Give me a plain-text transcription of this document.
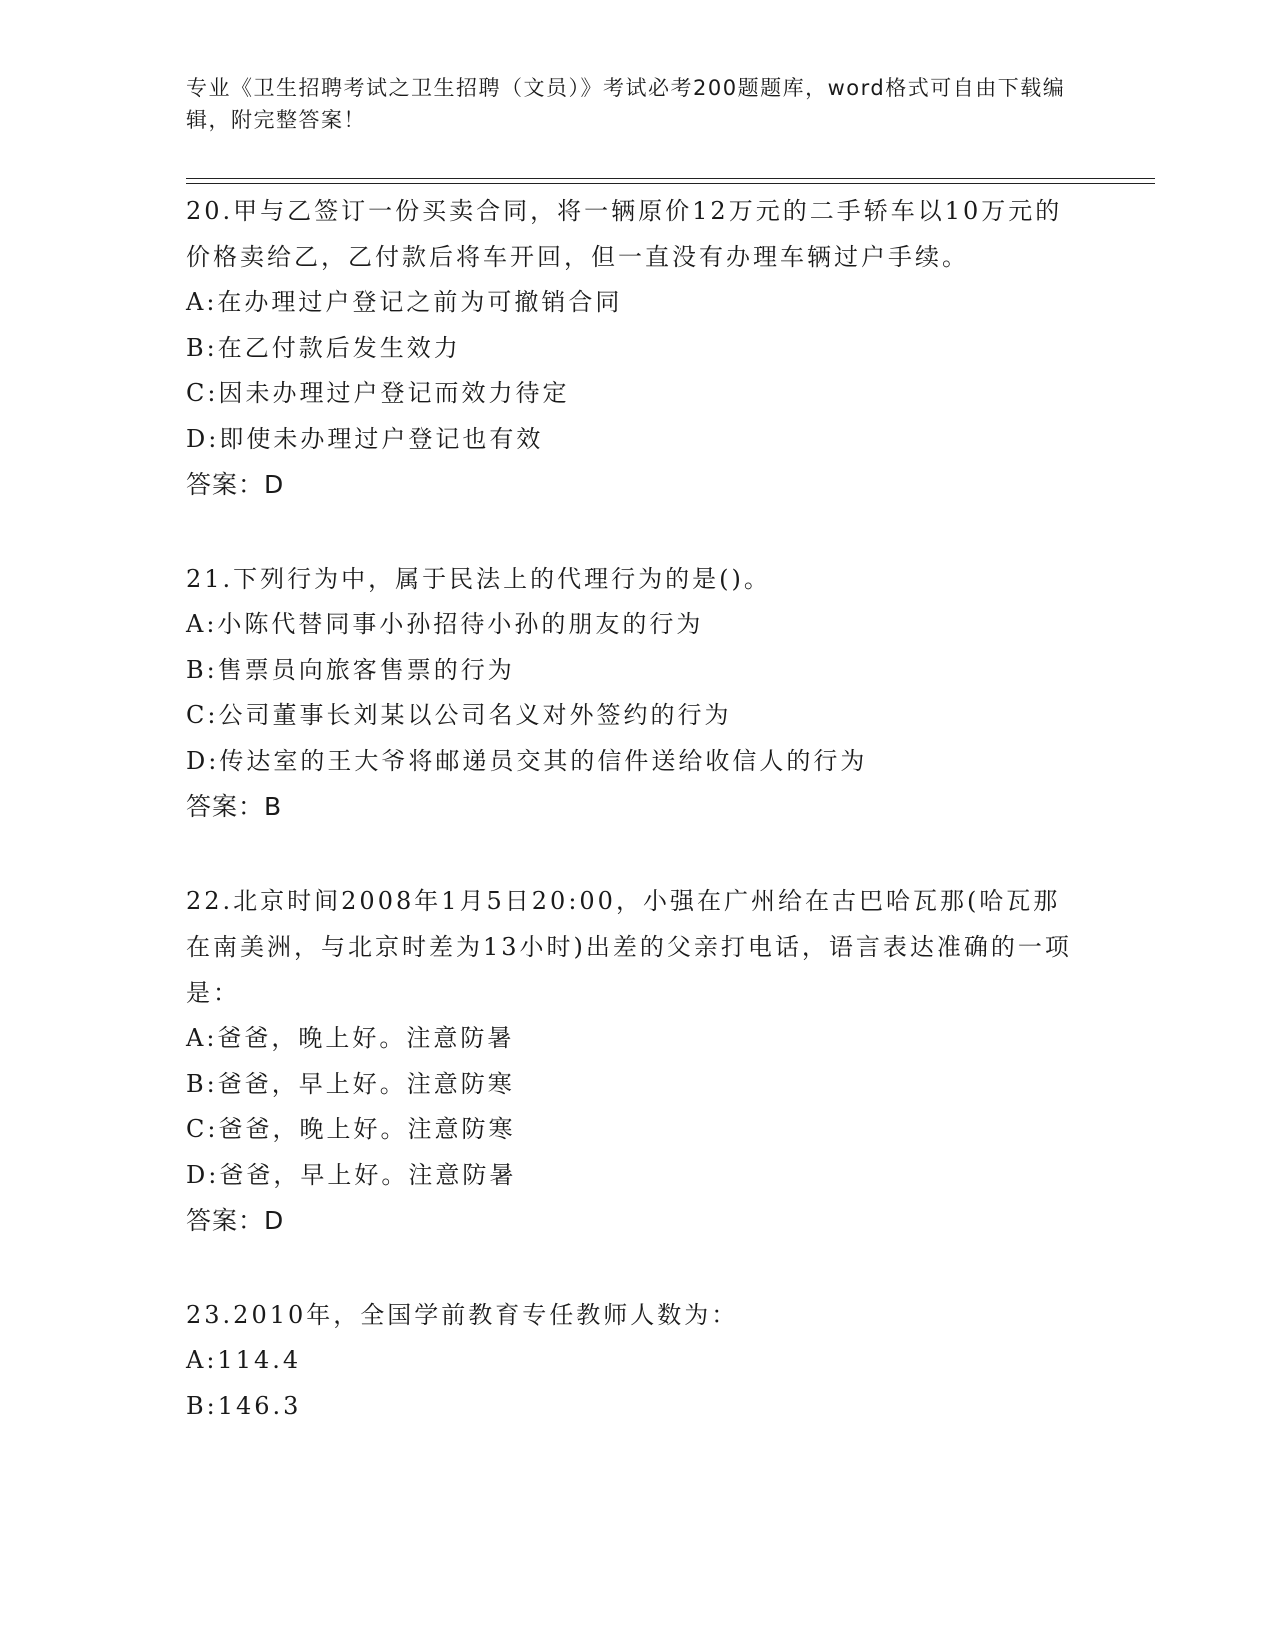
专业《卫生招聘考试之卫生招聘（文员）》考试必考200题题库，word格式可自由下载编辑，附完整答案！

20.甲与乙签订一份买卖合同，将一辆原价12万元的二手轿车以10万元的价格卖给乙，乙付款后将车开回，但一直没有办理车辆过户手续。

A:在办理过户登记之前为可撤销合同

B:在乙付款后发生效力

C:因未办理过户登记而效力待定

D:即使未办理过户登记也有效

答案：D

21.下列行为中，属于民法上的代理行为的是()。

A:小陈代替同事小孙招待小孙的朋友的行为

B:售票员向旅客售票的行为

C:公司董事长刘某以公司名义对外签约的行为

D:传达室的王大爷将邮递员交其的信件送给收信人的行为

答案：B

22.北京时间2008年1月5日20:00，小强在广州给在古巴哈瓦那(哈瓦那在南美洲，与北京时差为13小时)出差的父亲打电话，语言表达准确的一项是：

A:爸爸，晚上好。注意防暑

B:爸爸，早上好。注意防寒

C:爸爸，晚上好。注意防寒

D:爸爸，早上好。注意防暑

答案：D

23.2010年，全国学前教育专任教师人数为：

A:114.4

B:146.3
